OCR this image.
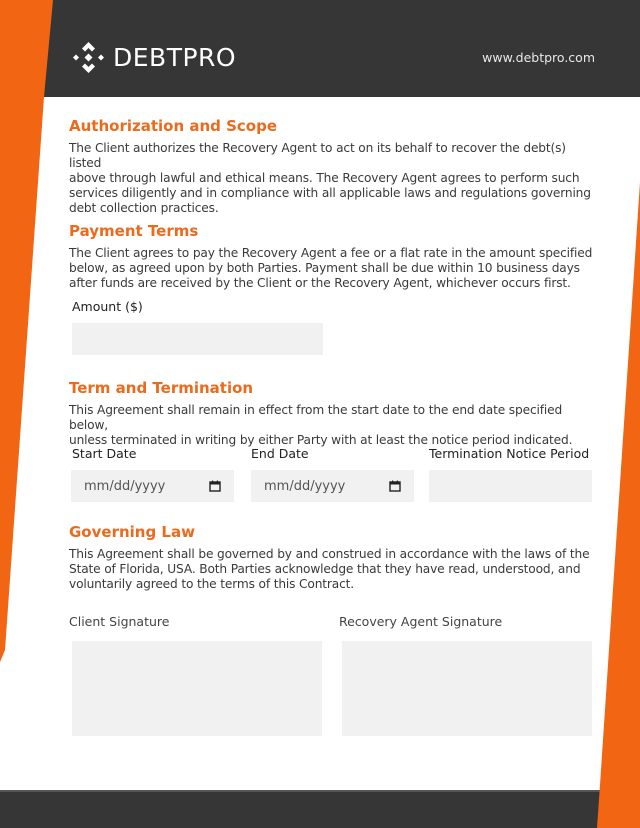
DEBTPRO	www.debtpro.com
Authorization and Scope
The Client authorizes the Recovery Agent to act on its behalf to recover the debt(s) listed
above through lawful and ethical means. The Recovery Agent agrees to perform such
services diligently and in compliance with all applicable laws and regulations governing
debt collection practices.
Payment Terms
The Client agrees to pay the Recovery Agent a fee or a flat rate in the amount specified
below, as agreed upon by both Parties. Payment shall be due within 10 business days
after funds are received by the Client or the Recovery Agent, whichever occurs first.
Amount ($)
Term and Termination
This Agreement shall remain in effect from the start date to the end date specified below,
unless terminated in writing by either Party with at least the notice period indicated.
Start Date
mm/dd/yyyy
End Date
mm/dd/yyyy
Termination Notice Period
Governing Law
This Agreement shall be governed by and construed in accordance with the laws of the
State of Florida, USA. Both Parties acknowledge that they have read, understood, and
voluntarily agreed to the terms of this Contract.
Client Signature	Recovery Agent Signature
